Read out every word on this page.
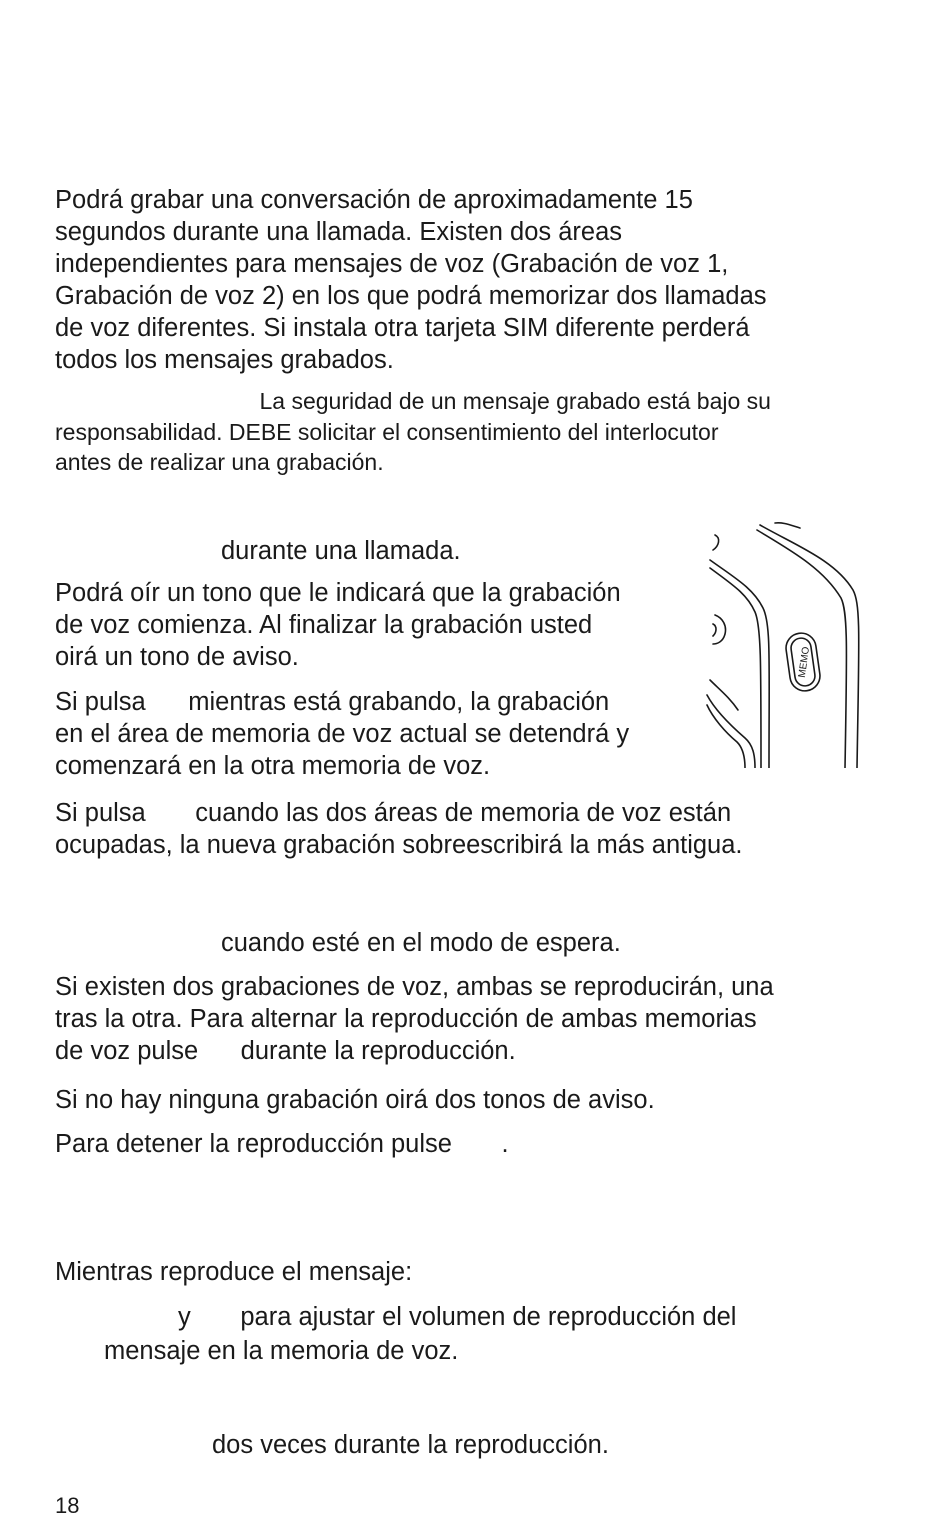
Podrá grabar una conversación de aproximadamente 15
segundos durante una llamada. Existen dos áreas
independientes para mensajes de voz (Grabación de voz 1,
Grabación de voz 2) en los que podrá memorizar dos llamadas
de voz diferentes. Si instala otra tarjeta SIM diferente perderá
todos los mensajes grabados.

La seguridad de un mensaje grabado está bajo su
responsabilidad. DEBE solicitar el consentimiento del interlocutor
antes de realizar una grabación.

durante una llamada.

Podrá oír un tono que le indicará que la grabación
de voz comienza. Al finalizar la grabación usted
oirá un tono de aviso.

Si pulsa      mientras está grabando, la grabación
en el área de memoria de voz actual se detendrá y
comenzará en la otra memoria de voz.

Si pulsa       cuando las dos áreas de memoria de voz están
ocupadas, la nueva grabación sobreescribirá la más antigua.

MEMO

cuando esté en el modo de espera.

Si existen dos grabaciones de voz, ambas se reproducirán, una
tras la otra. Para alternar la reproducción de ambas memorias
de voz pulse      durante la reproducción.

Si no hay ninguna grabación oirá dos tonos de aviso.

Para detener la reproducción pulse       .

Mientras reproduce el mensaje:

y       para ajustar el volumen de reproducción del

mensaje en la memoria de voz.

dos veces durante la reproducción.

18
